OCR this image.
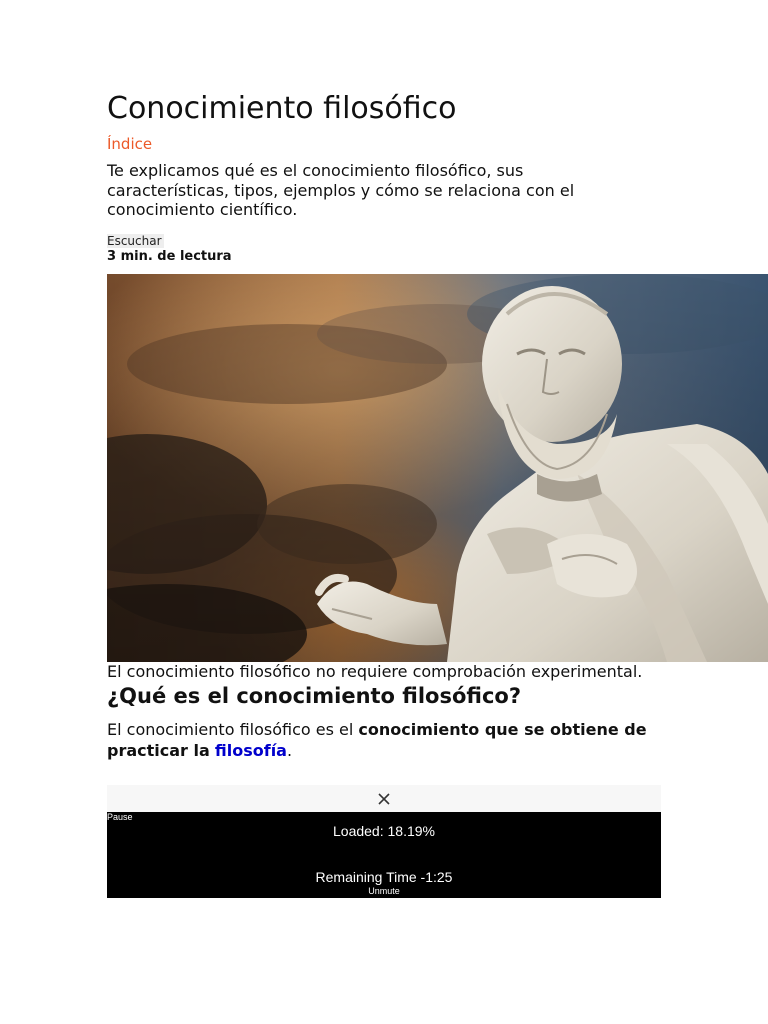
Conocimiento filosófico
Índice

Te explicamos qué es el conocimiento filosófico, sus características, tipos, ejemplos y cómo se relaciona con el conocimiento científico.

Escuchar
3 min. de lectura
El conocimiento filosófico no requiere comprobación experimental.
¿Qué es el conocimiento filosófico?

El conocimiento filosófico es el conocimiento que se obtiene de practicar la filosofía.

Pause
Loaded: 18.19%
Remaining Time -1:25
Unmute
